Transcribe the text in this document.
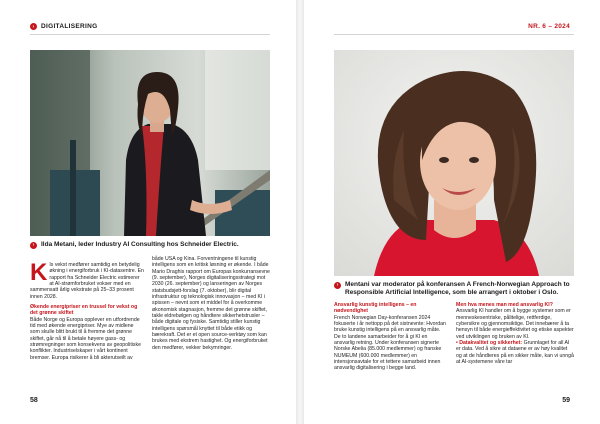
›	DIGITALISERING
›	Ilda Metani, leder Industry AI Consulting hos Schneider Electric.
K Is vekst medfører samtidig en betydelig økning i energiforbruk i KI-datasentre. En rapport fra Schneider Electric estimerer at AI-strømforbruket vokser med en sammensatt årlig vekstrate på 25–33 prosent innen 2028.

Økende energipriser en trussel for vekst og det grønne skiftet

Både Norge og Europa opplever en utfordrende tid med økende energipriser. Mye av midlene som skulle blitt brukt til å fremme det grønne skiftet, går nå til å betale høyere gass- og strømregninger som konsekvens av geopolitiske konflikter. Industriselskaper i vårt kontinent bremser. Europa risikerer å bli akterutseilt av

både USA og Kina. Forventningene til kunstig intelligens som en kritisk løsning er økende. I både Mario Draghis rapport om Europas konkurransevne (9. september), Norges digitaliseringsstrategi mot 2030 (26. september) og lanseringen av Norges statsbudsjett-forslag (7. oktober), blir digital infrastruktur og teknologisk innovasjon – med KI i spissen – nevnt som et middel for å overkomme økonomisk stagnasjon, fremme det grønne skiftet, takle eldrebølgen og håndtere sikkerhetstrusler – både digitale og fysiske. Samtidig stiller kunstig intelligens spørsmål knyttet til både etikk og bærekraft. Det er et open source-verktøy som kan brukes med ekstrem hastighet. Og energiforbruket den medfører, vekker bekymringer.

58
NR. 6 – 2024
›	Mentani var moderator på konferansen A French-Norwegian Approach to Responsible Artificial Intelligence, som ble arrangert i oktober i Oslo.

Ansvarlig kunstig intelligens – en nødvendighet

French Norwegian Day-konferansen 2024 fokuserte i år nettopp på det sistnevnte: Hvordan bruke kunstig intelligens på en ansvarlig måte. De to landene samarbeider for å gi KI en ansvarlig retning. Under konferansen signerte Norske Abelia (85.000 medlemmer) og franske NUMEUM (600.000 medlemmer) en intensjonsavtale for et tettere samarbeid innen ansvarlig digitalisering i begge land.

Men hva menes man med ansvarlig KI?

Ansvarlig KI handler om å bygge systemer som er menneskesentriske, pålitelige, rettferdige, cybersikre og gjennomsiktige. Det innebærer å ta hensyn til både energieffektivitet og etiske aspekter ved utviklingen og bruken av KI.

• Datakvalitet og sikkerhet: Grunnlaget for all AI er data. Ved å sikre at dataene er av høy kvalitet og at de håndteres på en sikker måte, kan vi unngå at AI-systemene våre tar

59
